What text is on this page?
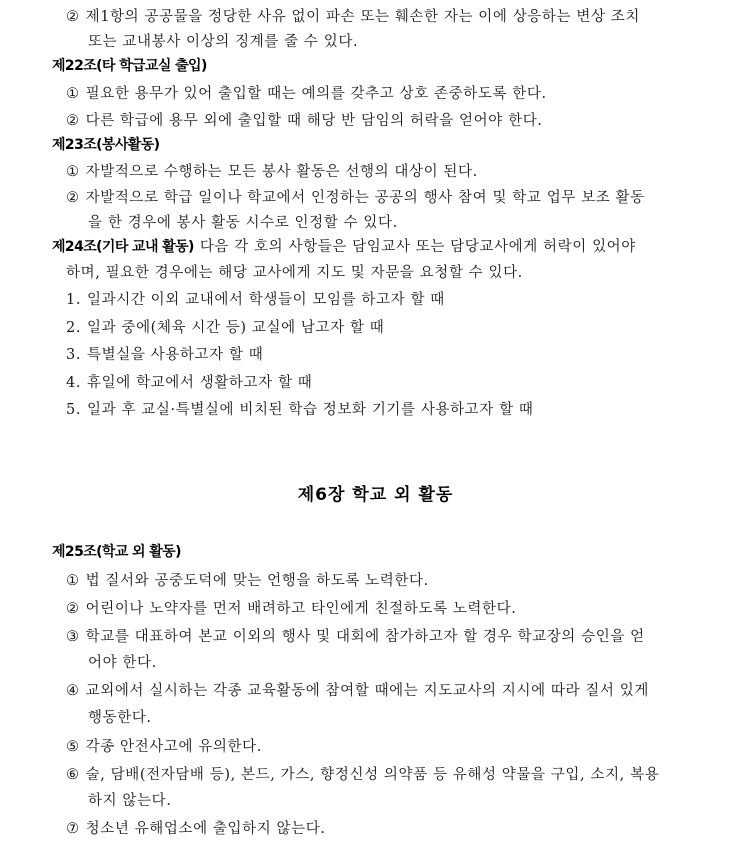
② 제1항의 공공물을 정당한 사유 없이 파손 또는 훼손한 자는 이에 상응하는 변상 조치
또는 교내봉사 이상의 징계를 줄 수 있다.
제22조(타 학급교실 출입)
① 필요한 용무가 있어 출입할 때는 예의를 갖추고 상호 존중하도록 한다.
② 다른 학급에 용무 외에 출입할 때 해당 반 담임의 허락을 얻어야 한다.
제23조(봉사활동)
① 자발적으로 수행하는 모든 봉사 활동은 선행의 대상이 된다.
② 자발적으로 학급 일이나 학교에서 인정하는 공공의 행사 참여 및 학교 업무 보조 활동
을 한 경우에 봉사 활동 시수로 인정할 수 있다.
제24조(기타 교내 활동) 다음 각 호의 사항들은 담임교사 또는 담당교사에게 허락이 있어야
하며, 필요한 경우에는 해당 교사에게 지도 및 자문을 요청할 수 있다.
1. 일과시간 이외 교내에서 학생들이 모임를 하고자 할 때
2. 일과 중에(체육 시간 등) 교실에 남고자 할 때
3. 특별실을 사용하고자 할 때
4. 휴일에 학교에서 생활하고자 할 때
5. 일과 후 교실·특별실에 비치된 학습 정보화 기기를 사용하고자 할 때
제6장 학교 외 활동
제25조(학교 외 활동)
① 법 질서와 공중도덕에 맞는 언행을 하도록 노력한다.
② 어린이나 노약자를 먼저 배려하고 타인에게 친절하도록 노력한다.
③ 학교를 대표하여 본교 이외의 행사 및 대회에 참가하고자 할 경우 학교장의 승인을 얻
어야 한다.
④ 교외에서 실시하는 각종 교육활동에 참여할 때에는 지도교사의 지시에 따라 질서 있게
행동한다.
⑤ 각종 안전사고에 유의한다.
⑥ 술, 담배(전자담배 등), 본드, 가스, 향정신성 의약품 등 유해성 약물을 구입, 소지, 복용
하지 않는다.
⑦ 청소년 유해업소에 출입하지 않는다.
